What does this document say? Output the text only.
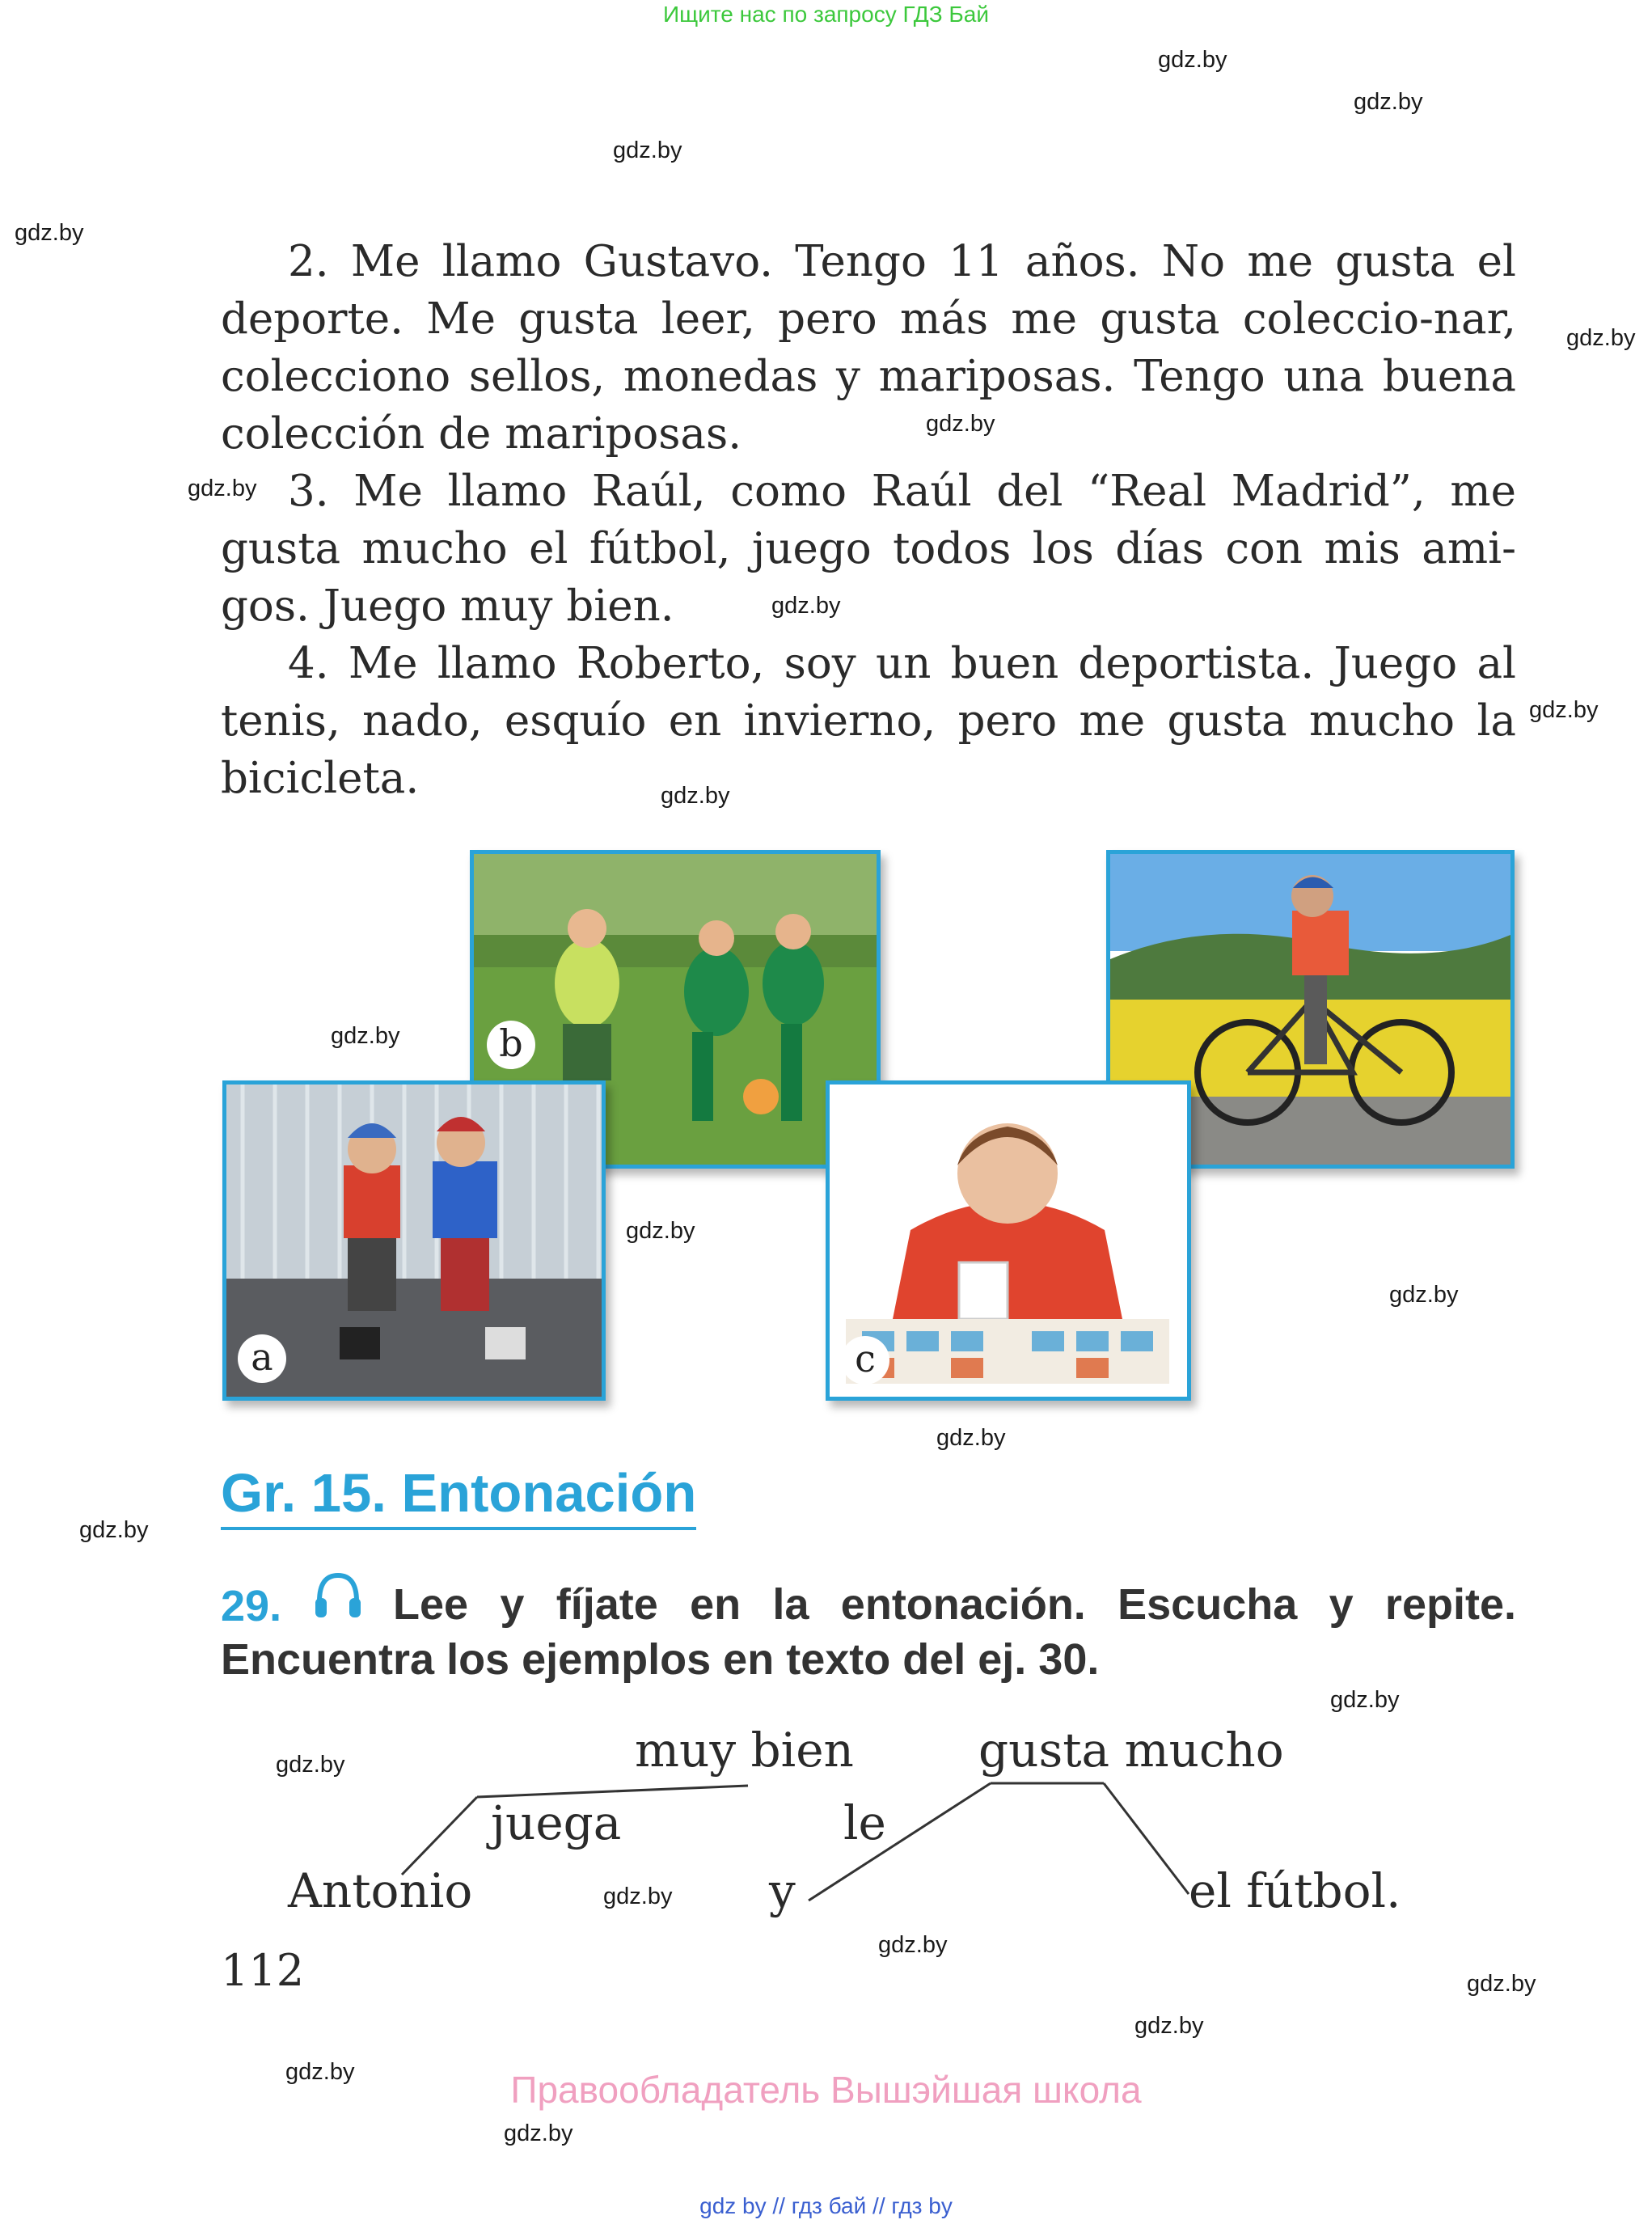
Ищите нас по запросу ГДЗ Бай
gdz.by
gdz.by
gdz.by
gdz.by
gdz.by
gdz.by
gdz.by
gdz.by
gdz.by
gdz.by
gdz.by
gdz.by
gdz.by
gdz.by
gdz.by
gdz.by
gdz.by
gdz.by
gdz.by
gdz.by
gdz.by
gdz.by
gdz.by

2. Me llamo Gustavo. Tengo 11 años. No me gusta el deporte. Me gusta leer, pero más me gusta coleccio-nar, colecciono sellos, monedas y mariposas. Tengo una buena colección de mariposas.

3. Me llamo Raúl, como Raúl del “Real Madrid”, me gusta mucho el fútbol, juego todos los días con mis ami-gos. Juego muy bien.

4. Me llamo Roberto, soy un buen deportista. Juego al tenis, nado, esquío en invierno, pero me gusta mucho la bicicleta.

b
a	c
Gr. 15. Entonación

Lee y fíjate en la entonación. Escucha y repite. Encuentra los ejemplos en texto del ej. 30.

29.
muy bien
juega
Antonio
gusta mucho
le
y	el fútbol.
112
Правообладатель Вышэйшая школа
gdz by // гдз бай // гдз by
